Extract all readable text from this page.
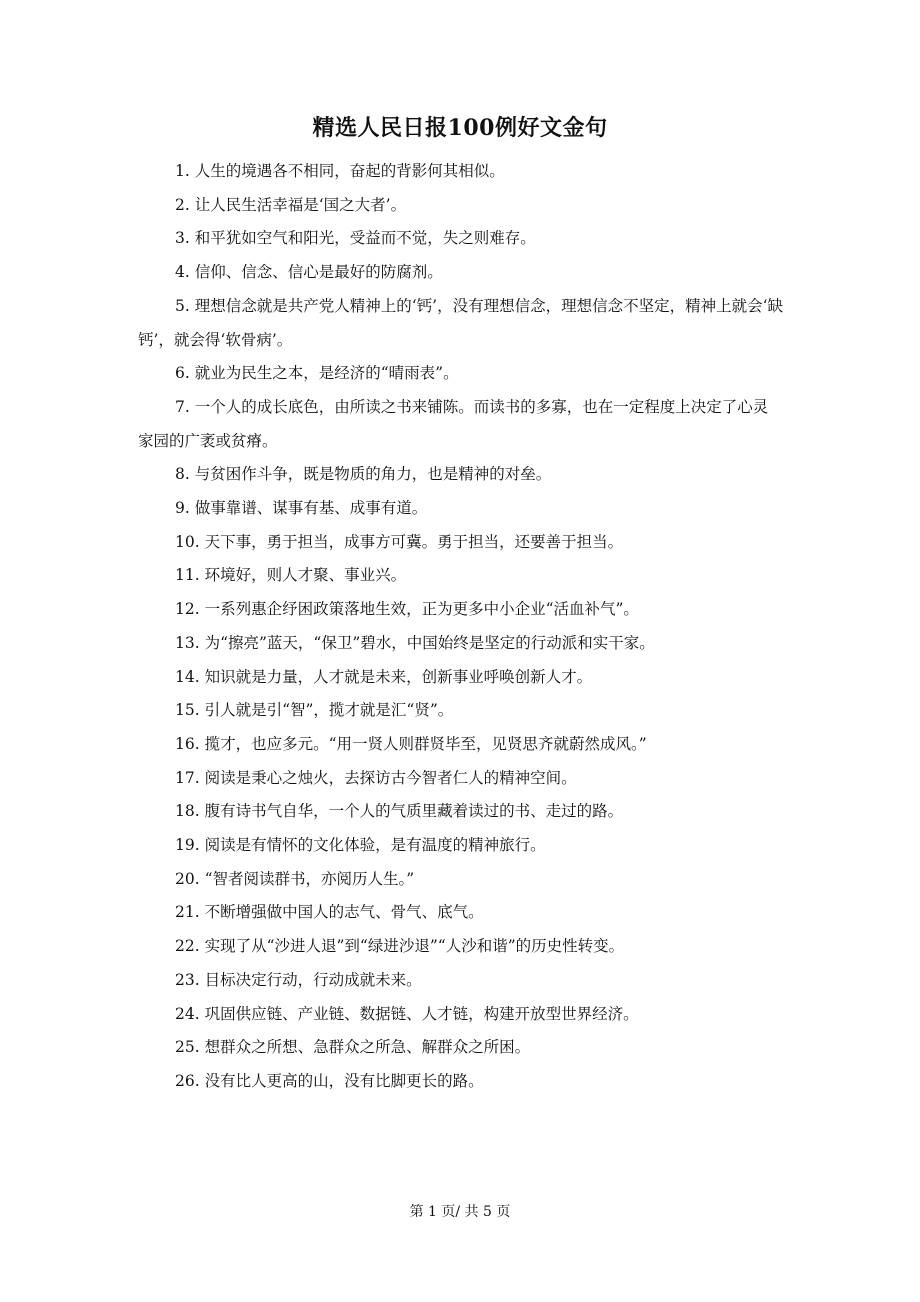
精选人民日报100例好文金句
1. 人生的境遇各不相同，奋起的背影何其相似。
2. 让人民生活幸福是‘国之大者’。
3. 和平犹如空气和阳光，受益而不觉，失之则难存。
4. 信仰、信念、信心是最好的防腐剂。
5. 理想信念就是共产党人精神上的‘钙’，没有理想信念，理想信念不坚定，精神上就会‘缺钙’，就会得‘软骨病’。
6. 就业为民生之本，是经济的“晴雨表”。
7. 一个人的成长底色，由所读之书来铺陈。而读书的多寡，也在一定程度上决定了心灵家园的广袤或贫瘠。
8. 与贫困作斗争，既是物质的角力，也是精神的对垒。
9. 做事靠谱、谋事有基、成事有道。
10. 天下事，勇于担当，成事方可冀。勇于担当，还要善于担当。
11. 环境好，则人才聚、事业兴。
12. 一系列惠企纾困政策落地生效，正为更多中小企业“活血补气”。
13. 为“擦亮”蓝天，“保卫”碧水，中国始终是坚定的行动派和实干家。
14. 知识就是力量，人才就是未来，创新事业呼唤创新人才。
15. 引人就是引“智”，揽才就是汇“贤”。
16. 揽才，也应多元。“用一贤人则群贤毕至，见贤思齐就蔚然成风。”
17. 阅读是秉心之烛火，去探访古今智者仁人的精神空间。
18. 腹有诗书气自华，一个人的气质里藏着读过的书、走过的路。
19. 阅读是有情怀的文化体验，是有温度的精神旅行。
20. “智者阅读群书，亦阅历人生。”
21. 不断增强做中国人的志气、骨气、底气。
22. 实现了从“沙进人退”到“绿进沙退”“人沙和谐”的历史性转变。
23. 目标决定行动，行动成就未来。
24. 巩固供应链、产业链、数据链、人才链，构建开放型世界经济。
25. 想群众之所想、急群众之所急、解群众之所困。
26. 没有比人更高的山，没有比脚更长的路。
第 1 页/ 共 5 页
